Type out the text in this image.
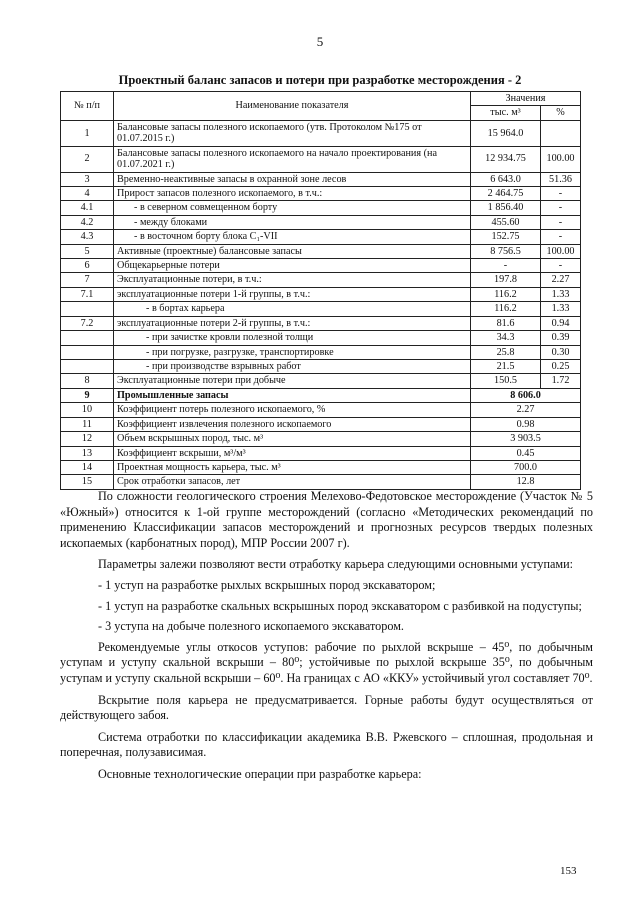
5
Проектный баланс запасов и потери при разработке месторождения - 2
№ п/п	Наименование показателя	Значения	
		тыс. м³	%
1	Балансовые запасы полезного ископаемого (утв. Протоколом №175 от 01.07.2015 г.)	15 964.0	
2	Балансовые запасы полезного ископаемого на начало проектирования (на 01.07.2021 г.)	12 934.75	100.00
3	Временно-неактивные запасы в охранной зоне лесов	6 643.0	51.36
4	Прирост запасов полезного ископаемого, в т.ч.:	2 464.75	-
4.1	- в северном совмещенном борту	1 856.40	-
4.2	- между блоками	455.60	-
4.3	- в восточном борту блока C₁-VII	152.75	-
5	Активные (проектные) балансовые запасы	8 756.5	100.00
6	Общекарьерные потери	-	-
7	Эксплуатационные потери, в т.ч.:	197.8	2.27
7.1	эксплуатационные потери 1-й группы, в т.ч.:	116.2	1.33
	- в бортах карьера	116.2	1.33
7.2	эксплуатационные потери 2-й группы, в т.ч.:	81.6	0.94
	- при зачистке кровли полезной толщи	34.3	0.39
	- при погрузке, разгрузке, транспортировке	25.8	0.30
	- при производстве взрывных работ	21.5	0.25
8	Эксплуатационные потери при добыче	150.5	1.72
9	Промышленные запасы	8 606.0	
10	Коэффициент потерь полезного ископаемого, %	2.27	
11	Коэффициент извлечения полезного ископаемого	0.98	
12	Объем вскрышных пород, тыс. м³	3 903.5	
13	Коэффициент вскрыши, м³/м³	0.45	
14	Проектная мощность карьера, тыс. м³	700.0	
15	Срок отработки запасов, лет	12.8	

По сложности геологического строения Мелехово-Федотовское месторождение (Участок № 5 «Южный») относится к 1-ой группе месторождений (согласно «Методических рекомендаций по применению Классификации запасов месторождений и прогнозных ресурсов твердых полезных ископаемых (карбонатных пород), МПР России 2007 г).

Параметры залежи позволяют вести отработку карьера следующими основными уступами:

- 1 уступ на разработке рыхлых вскрышных пород экскаватором;

- 1 уступ на разработке скальных вскрышных пород экскаватором с разбивкой на подуступы;

- 3 уступа на добыче полезного ископаемого экскаватором.

Рекомендуемые углы откосов уступов: рабочие по рыхлой вскрыше – 45⁰, по добычным уступам и уступу скальной вскрыши – 80⁰; устойчивые по рыхлой вскрыше 35⁰, по добычным уступам и уступу скальной вскрыши – 60⁰. На границах с АО «ККУ» устойчивый угол составляет 70⁰.

Вскрытие поля карьера не предусматривается. Горные работы будут осуществляться от действующего забоя.

Система отработки по классификации академика В.В. Ржевского – сплошная, продольная и поперечная, полузависимая.

Основные технологические операции при разработке карьера:

153
